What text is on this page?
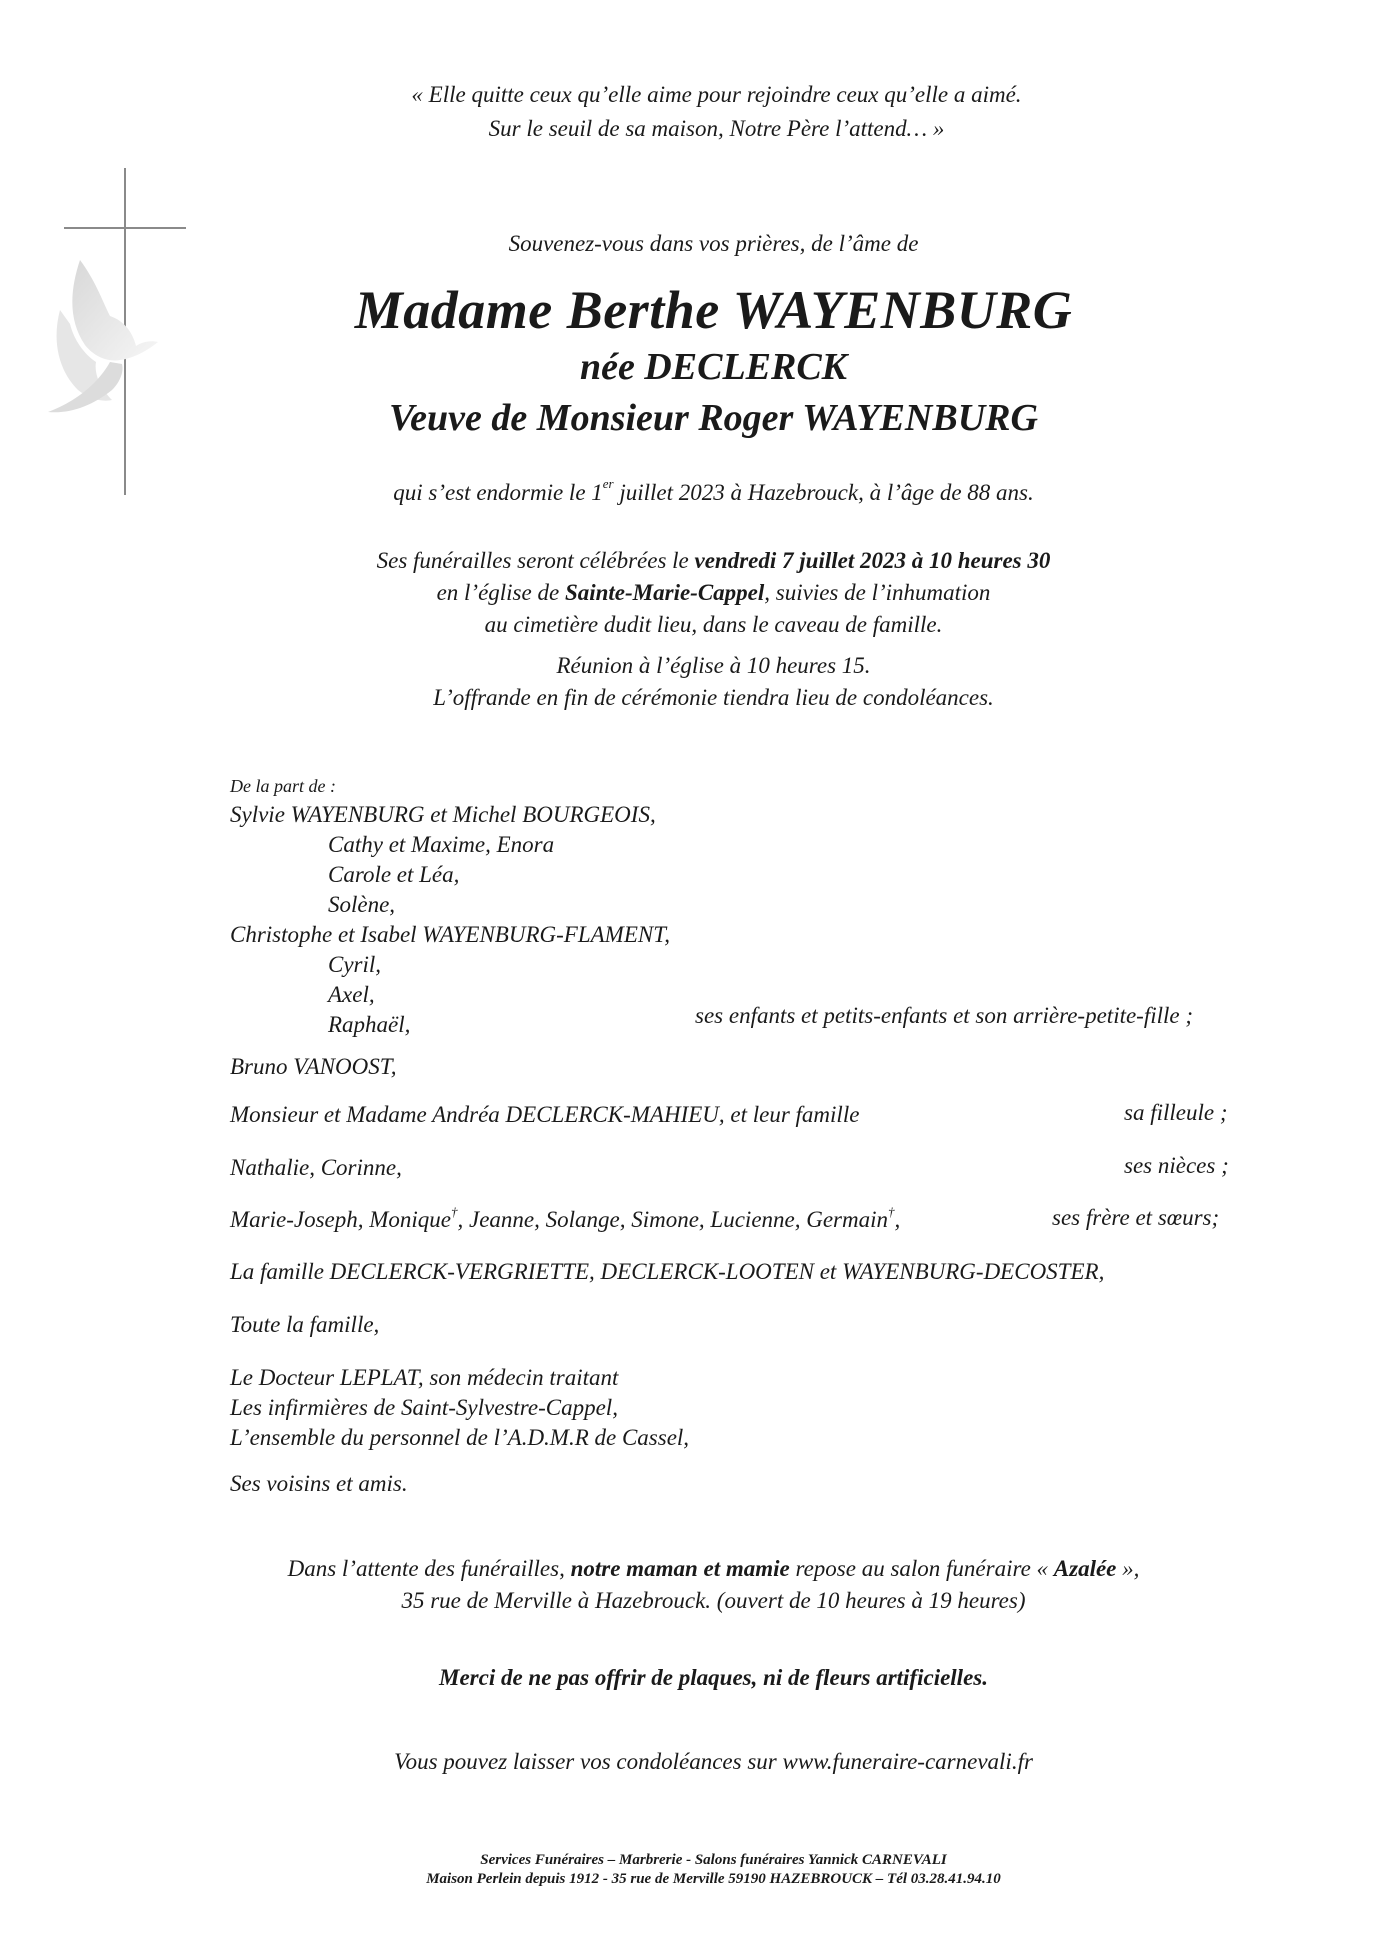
« Elle quitte ceux qu’elle aime pour rejoindre ceux qu’elle a aimé.
Sur le seuil de sa maison, Notre Père l’attend… »
Souvenez-vous dans vos prières, de l’âme de
Madame Berthe WAYENBURG
née DECLERCK
Veuve de Monsieur Roger WAYENBURG
qui s’est endormie le 1er juillet 2023 à Hazebrouck, à l’âge de 88 ans.
Ses funérailles seront célébrées le vendredi 7 juillet 2023 à 10 heures 30
en l’église de Sainte-Marie-Cappel, suivies de l’inhumation
au cimetière dudit lieu, dans le caveau de famille.
Réunion à l’église à 10 heures 15.
L’offrande en fin de cérémonie tiendra lieu de condoléances.
De la part de :
Sylvie WAYENBURG et Michel BOURGEOIS,
Cathy et Maxime, Enora
Carole et Léa,
Solène,
Christophe et Isabel WAYENBURG-FLAMENT,
Cyril,
Axel,
Raphaël,	ses enfants et petits-enfants et son arrière-petite-fille ;
Bruno VANOOST,
Monsieur et Madame Andréa DECLERCK-MAHIEU, et leur famille	sa filleule ;
Nathalie, Corinne,	ses nièces ;
Marie-Joseph, Monique†, Jeanne, Solange, Simone, Lucienne, Germain†,	ses frère et sœurs;
La famille DECLERCK-VERGRIETTE, DECLERCK-LOOTEN et WAYENBURG-DECOSTER,
Toute la famille,
Le Docteur LEPLAT, son médecin traitant
Les infirmières de Saint-Sylvestre-Cappel,
L’ensemble du personnel de l’A.D.M.R de Cassel,
Ses voisins et amis.
Dans l’attente des funérailles, notre maman et mamie repose au salon funéraire « Azalée »,
35 rue de Merville à Hazebrouck. (ouvert de 10 heures à 19 heures)
Merci de ne pas offrir de plaques, ni de fleurs artificielles.
Vous pouvez laisser vos condoléances sur www.funeraire-carnevali.fr
Services Funéraires – Marbrerie - Salons funéraires Yannick CARNEVALI
Maison Perlein depuis 1912 - 35 rue de Merville 59190 HAZEBROUCK – Tél 03.28.41.94.10
